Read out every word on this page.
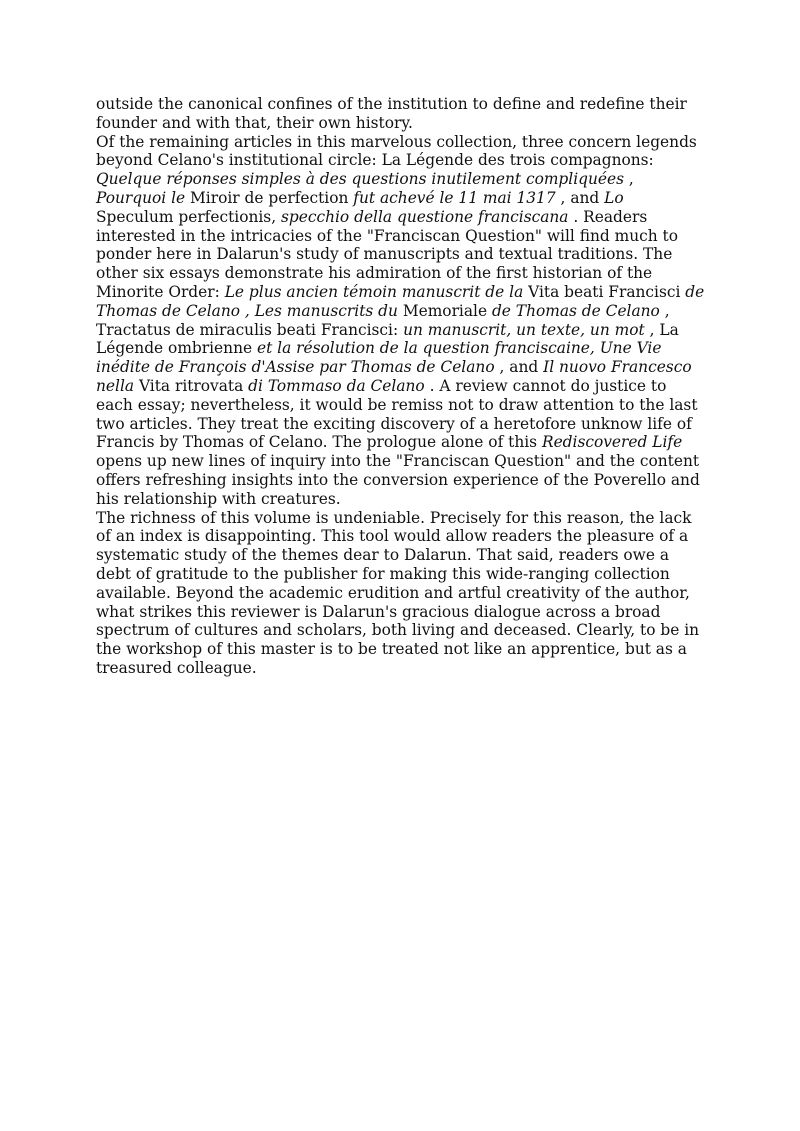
outside the canonical confines of the institution to define and redefine their founder and with that, their own history.

Of the remaining articles in this marvelous collection, three concern legends beyond Celano's institutional circle: La Légende des trois compagnons: Quelque réponses simples à des questions inutilement compliquées , Pourquoi le Miroir de perfection fut achevé le 11 mai 1317 , and Lo Speculum perfectionis, specchio della questione franciscana . Readers interested in the intricacies of the "Franciscan Question" will find much to ponder here in Dalarun's study of manuscripts and textual traditions. The other six essays demonstrate his admiration of the first historian of the Minorite Order: Le plus ancien témoin manuscrit de la Vita beati Francisci de Thomas de Celano , Les manuscrits du Memoriale de Thomas de Celano , Tractatus de miraculis beati Francisci: un manuscrit, un texte, un mot , La Légende ombrienne et la résolution de la question franciscaine, Une Vie inédite de François d'Assise par Thomas de Celano , and Il nuovo Francesco nella Vita ritrovata di Tommaso da Celano . A review cannot do justice to each essay; nevertheless, it would be remiss not to draw attention to the last two articles. They treat the exciting discovery of a heretofore unknow life of Francis by Thomas of Celano. The prologue alone of this Rediscovered Life opens up new lines of inquiry into the "Franciscan Question" and the content offers refreshing insights into the conversion experience of the Poverello and his relationship with creatures.

The richness of this volume is undeniable. Precisely for this reason, the lack of an index is disappointing. This tool would allow readers the pleasure of a systematic study of the themes dear to Dalarun. That said, readers owe a debt of gratitude to the publisher for making this wide-ranging collection available. Beyond the academic erudition and artful creativity of the author, what strikes this reviewer is Dalarun's gracious dialogue across a broad spectrum of cultures and scholars, both living and deceased. Clearly, to be in the workshop of this master is to be treated not like an apprentice, but as a treasured colleague.
